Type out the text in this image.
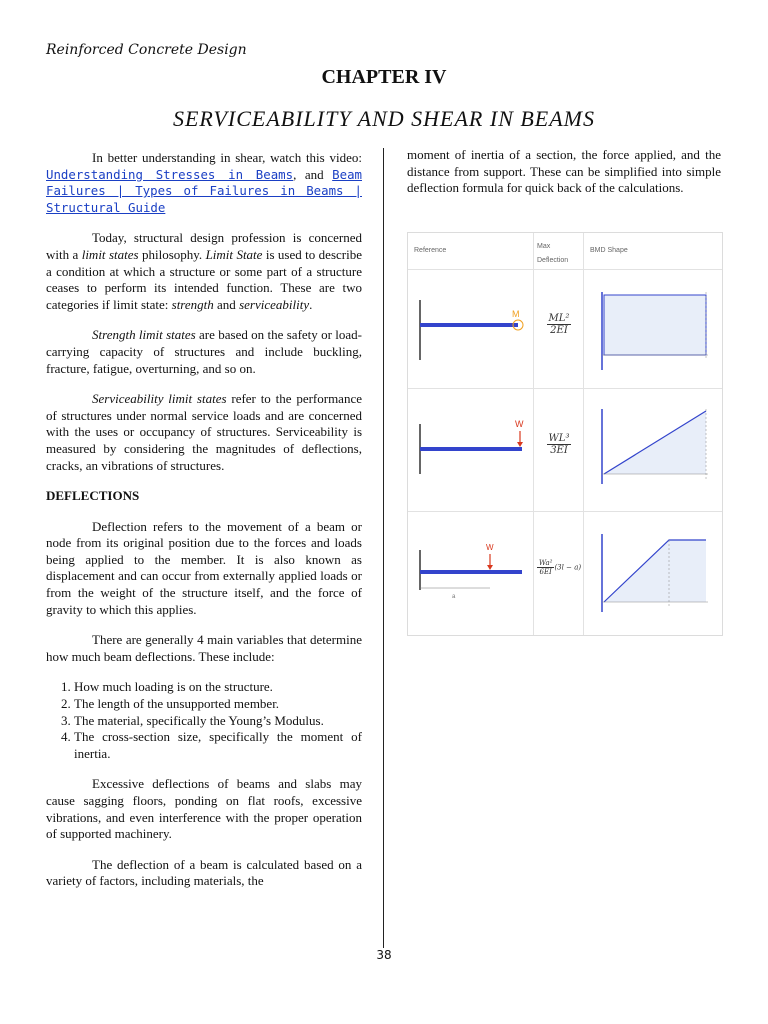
Reinforced Concrete Design
CHAPTER IV
SERVICEABILITY AND SHEAR IN BEAMS

In better understanding in shear, watch this video: Understanding Stresses in Beams, and Beam Failures | Types of Failures in Beams | Structural Guide

Today, structural design profession is concerned with a limit states philosophy. Limit State is used to describe a condition at which a structure or some part of a structure ceases to perform its intended function. These are two categories if limit state: strength and serviceability.

Strength limit states are based on the safety or load-carrying capacity of structures and include buckling, fracture, fatigue, overturning, and so on.

Serviceability limit states refer to the performance of structures under normal service loads and are concerned with the uses or occupancy of structures. Serviceability is measured by considering the magnitudes of deflections, cracks, an vibrations of structures.

DEFLECTIONS

Deflection refers to the movement of a beam or node from its original position due to the forces and loads being applied to the member. It is also known as displacement and can occur from externally applied loads or from the weight of the structure itself, and the force of gravity to which this applies.

There are generally 4 main variables that determine how much beam deflections. These include:

1. How much loading is on the structure.
2. The length of the unsupported member.
3. The material, specifically the Young’s Modulus.
4. The cross-section size, specifically the moment of inertia.

Excessive deflections of beams and slabs may cause sagging floors, ponding on flat roofs, excessive vibrations, and even interference with the proper operation of supported machinery.

The deflection of a beam is calculated based on a variety of factors, including materials, the

moment of inertia of a section, the force applied, and the distance from support. These can be simplified into simple deflection formula for quick back of the calculations.

Reference
Max Deflection
BMD Shape
M	$\frac{\text{ML²}}{2EI}$
W
$\frac{\text{WL³}}{3EI}$
W
a
$\frac{\text{Wa²}}{6EI} (3l - a)$
38
